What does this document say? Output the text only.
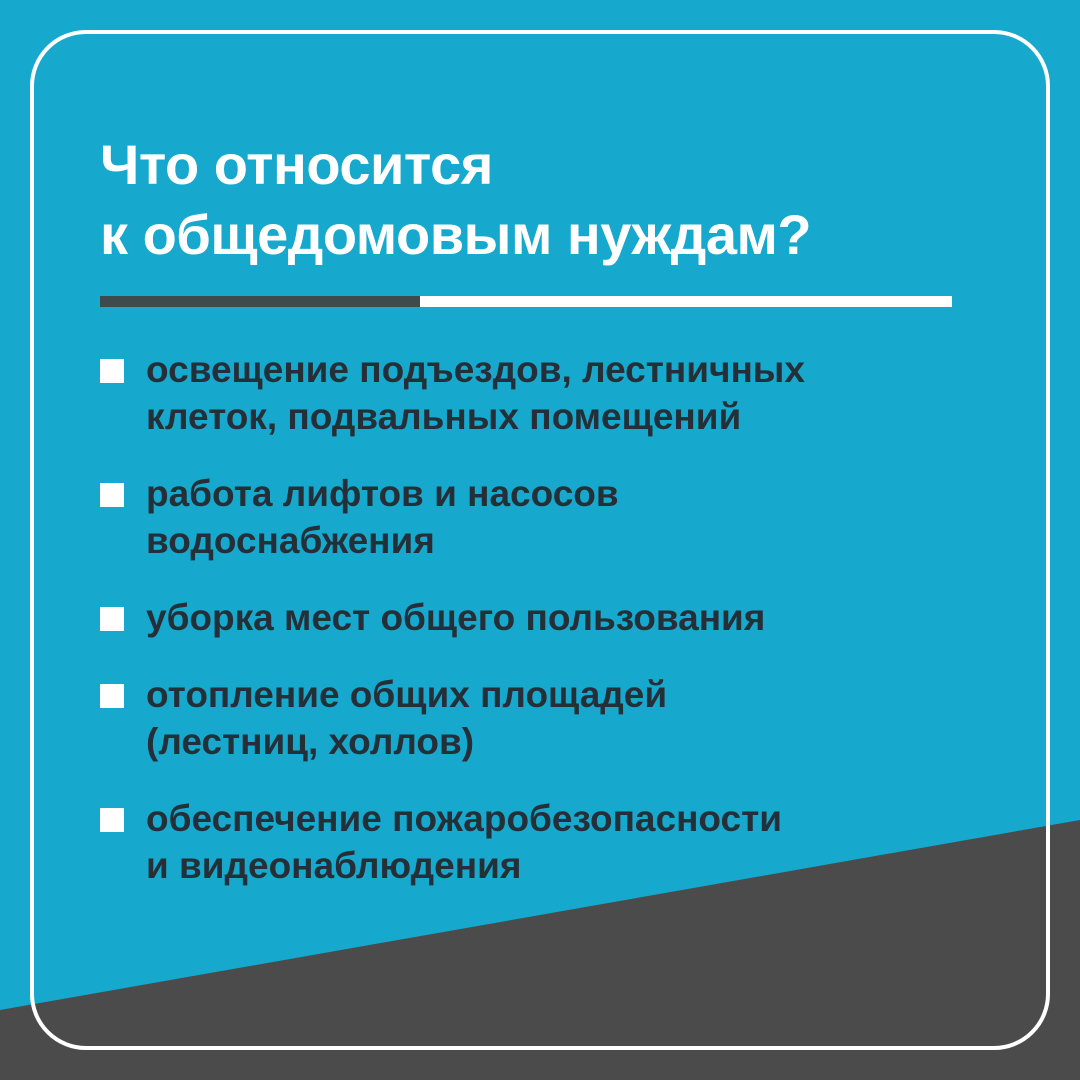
Что относится
к общедомовым нуждам?
освещение подъездов, лестничных
клеток, подвальных помещений
работа лифтов и насосов
водоснабжения
уборка мест общего пользования
отопление общих площадей
(лестниц, холлов)
обеспечение пожаробезопасности
и видеонаблюдения
